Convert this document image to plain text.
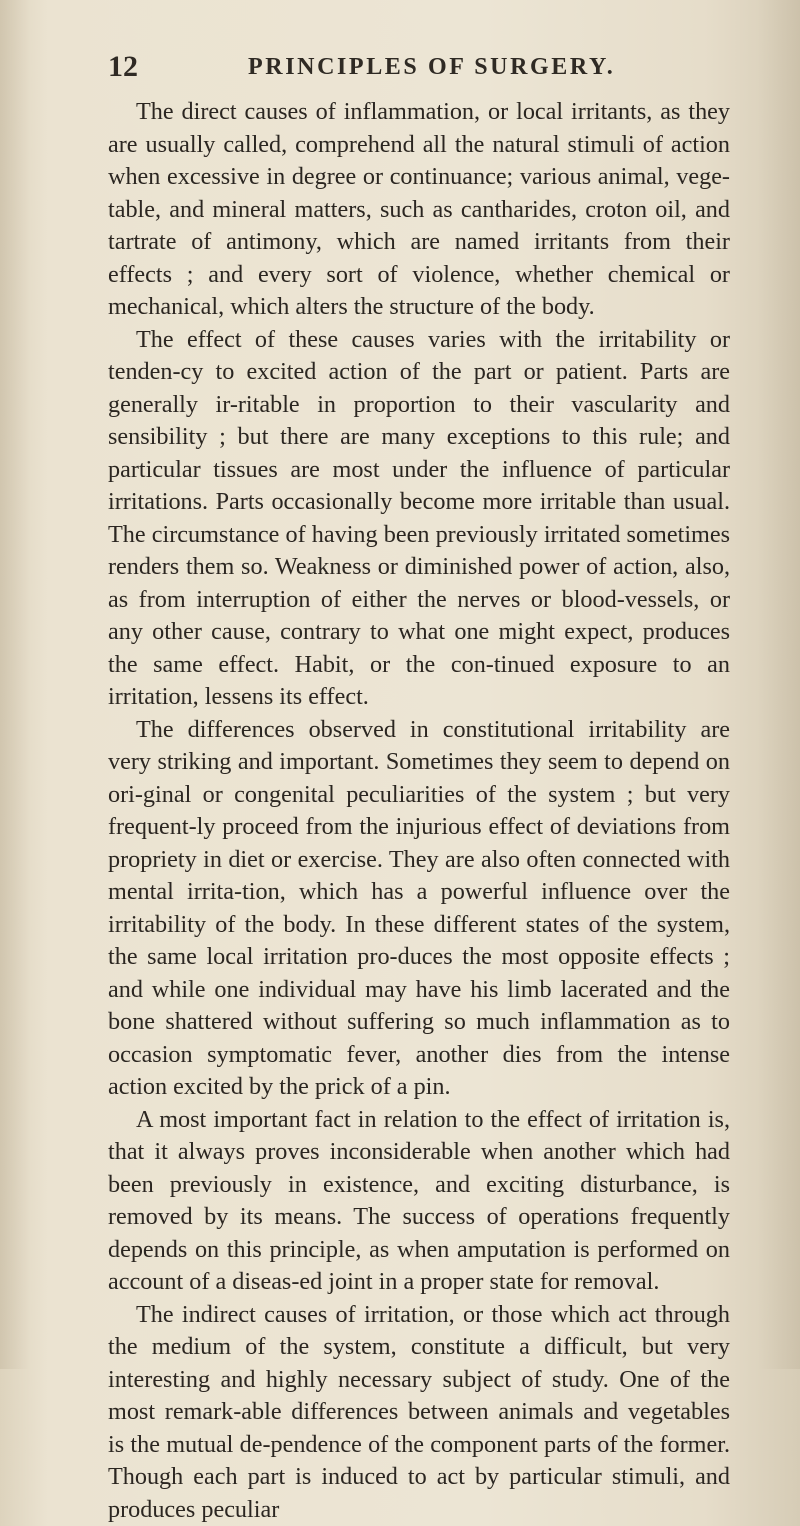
12	PRINCIPLES OF SURGERY.

The direct causes of inflammation, or local irritants, as they are usually called, comprehend all the natural stimuli of action when excessive in degree or continuance; various animal, vege-table, and mineral matters, such as cantharides, croton oil, and tartrate of antimony, which are named irritants from their effects ; and every sort of violence, whether chemical or mechanical, which alters the structure of the body.

The effect of these causes varies with the irritability or tenden-cy to excited action of the part or patient. Parts are generally ir-ritable in proportion to their vascularity and sensibility ; but there are many exceptions to this rule; and particular tissues are most under the influence of particular irritations. Parts occasionally become more irritable than usual. The circumstance of having been previously irritated sometimes renders them so. Weakness or diminished power of action, also, as from interruption of either the nerves or blood-vessels, or any other cause, contrary to what one might expect, produces the same effect. Habit, or the con-tinued exposure to an irritation, lessens its effect.

The differences observed in constitutional irritability are very striking and important. Sometimes they seem to depend on ori-ginal or congenital peculiarities of the system ; but very frequent-ly proceed from the injurious effect of deviations from propriety in diet or exercise. They are also often connected with mental irrita-tion, which has a powerful influence over the irritability of the body. In these different states of the system, the same local irritation pro-duces the most opposite effects ; and while one individual may have his limb lacerated and the bone shattered without suffering so much inflammation as to occasion symptomatic fever, another dies from the intense action excited by the prick of a pin.

A most important fact in relation to the effect of irritation is, that it always proves inconsiderable when another which had been previously in existence, and exciting disturbance, is removed by its means. The success of operations frequently depends on this principle, as when amputation is performed on account of a diseas-ed joint in a proper state for removal.

The indirect causes of irritation, or those which act through the medium of the system, constitute a difficult, but very interesting and highly necessary subject of study. One of the most remark-able differences between animals and vegetables is the mutual de-pendence of the component parts of the former. Though each part is induced to act by particular stimuli, and produces peculiar
